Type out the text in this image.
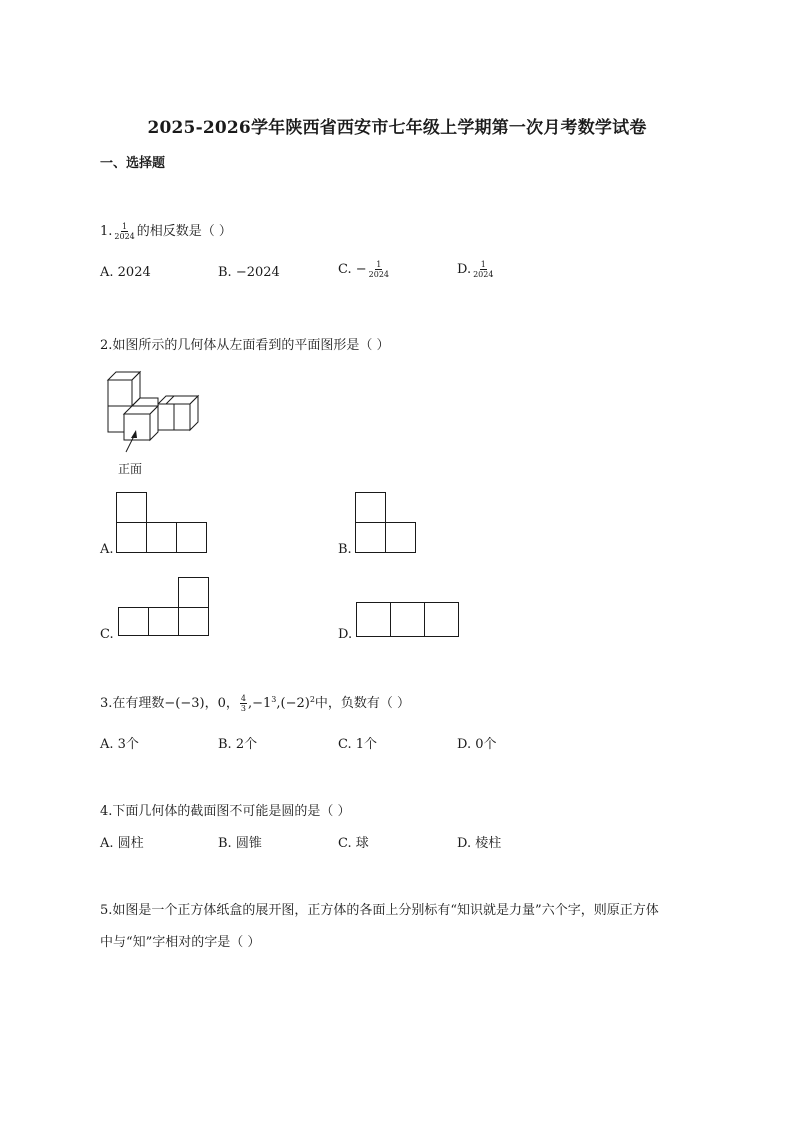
2025-2026学年陕西省西安市七年级上学期第一次月考数学试卷
一、选择题
1. $\frac{1}{2024}$ 的相反数是（ ）
A. 2024	B. −2024	C. − $\frac{1}{2024}$	D. $\frac{1}{2024}$
2.如图所示的几何体从左面看到的平面图形是（ ）
正面
A.	B.
C.	D.
3.在有理数−(−3)，0， $\frac{4}{3} ,-1^3,(-2)^2$中，负数有（ ）
A. 3个	B. 2个	C. 1个	D. 0个
4.下面几何体的截面图不可能是圆的是（ ）
A. 圆柱	B. 圆锥	C. 球	D. 棱柱
5.如图是一个正方体纸盒的展开图，正方体的各面上分别标有“知识就是力量”六个字，则原正方体
中与“知”字相对的字是（ ）
